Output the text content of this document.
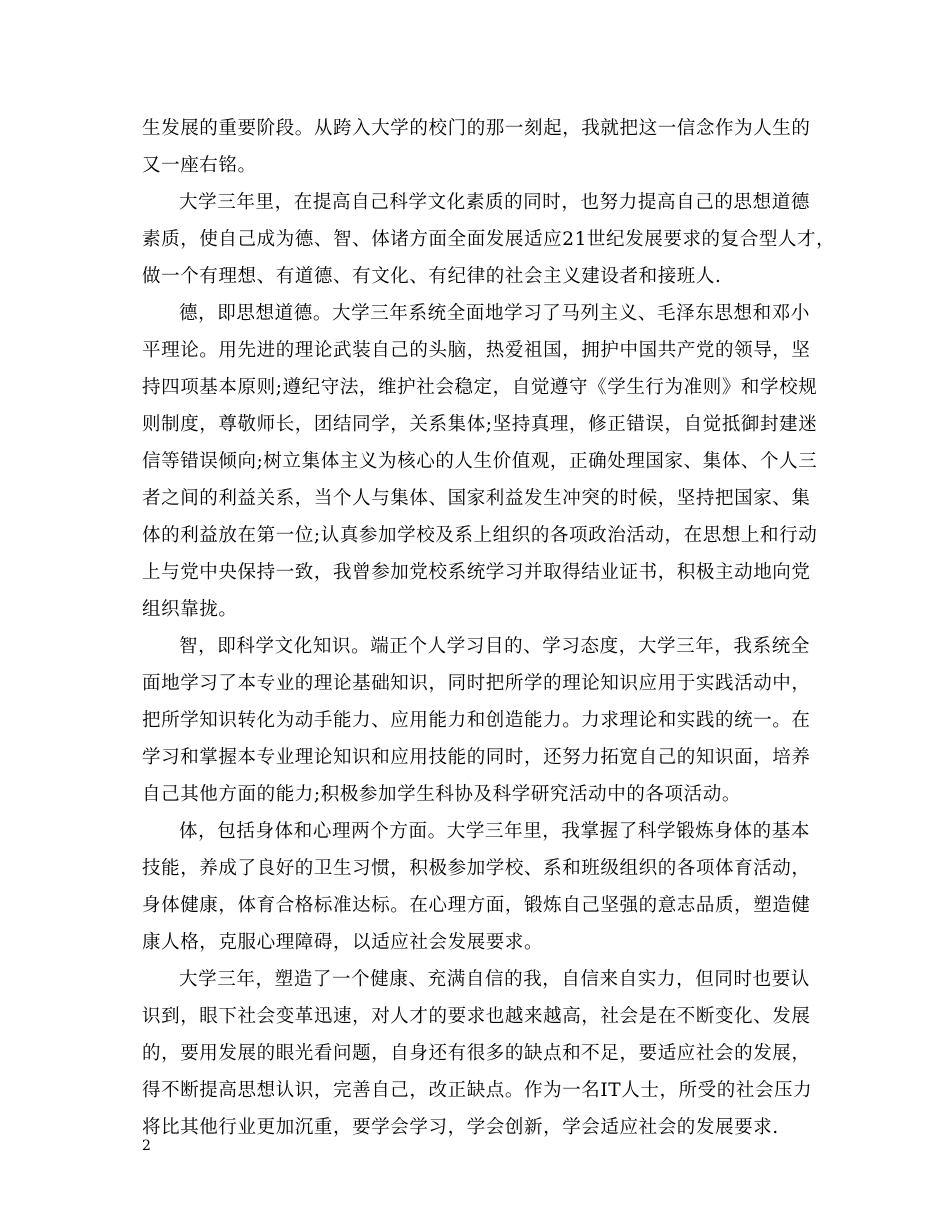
生发展的重要阶段。从跨入大学的校门的那一刻起，我就把这一信念作为人生的
又一座右铭。
大学三年里，在提高自己科学文化素质的同时，也努力提高自己的思想道德
素质，使自己成为德、智、体诸方面全面发展适应21世纪发展要求的复合型人才，
做一个有理想、有道德、有文化、有纪律的社会主义建设者和接班人.
德，即思想道德。大学三年系统全面地学习了马列主义、毛泽东思想和邓小
平理论。用先进的理论武装自己的头脑，热爱祖国，拥护中国共产党的领导，坚
持四项基本原则;遵纪守法，维护社会稳定，自觉遵守《学生行为准则》和学校规
则制度，尊敬师长，团结同学，关系集体;坚持真理，修正错误，自觉抵御封建迷
信等错误倾向;树立集体主义为核心的人生价值观，正确处理国家、集体、个人三
者之间的利益关系，当个人与集体、国家利益发生冲突的时候，坚持把国家、集
体的利益放在第一位;认真参加学校及系上组织的各项政治活动，在思想上和行动
上与党中央保持一致，我曾参加党校系统学习并取得结业证书，积极主动地向党
组织靠拢。
智，即科学文化知识。端正个人学习目的、学习态度，大学三年，我系统全
面地学习了本专业的理论基础知识，同时把所学的理论知识应用于实践活动中，
把所学知识转化为动手能力、应用能力和创造能力。力求理论和实践的统一。在
学习和掌握本专业理论知识和应用技能的同时，还努力拓宽自己的知识面，培养
自己其他方面的能力;积极参加学生科协及科学研究活动中的各项活动。
体，包括身体和心理两个方面。大学三年里，我掌握了科学锻炼身体的基本
技能，养成了良好的卫生习惯，积极参加学校、系和班级组织的各项体育活动，
身体健康，体育合格标准达标。在心理方面，锻炼自己坚强的意志品质，塑造健
康人格，克服心理障碍，以适应社会发展要求。
大学三年，塑造了一个健康、充满自信的我，自信来自实力，但同时也要认
识到，眼下社会变革迅速，对人才的要求也越来越高，社会是在不断变化、发展
的，要用发展的眼光看问题，自身还有很多的缺点和不足，要适应社会的发展，
得不断提高思想认识，完善自己，改正缺点。作为一名IT人士，所受的社会压力
将比其他行业更加沉重，要学会学习，学会创新，学会适应社会的发展要求.
2
